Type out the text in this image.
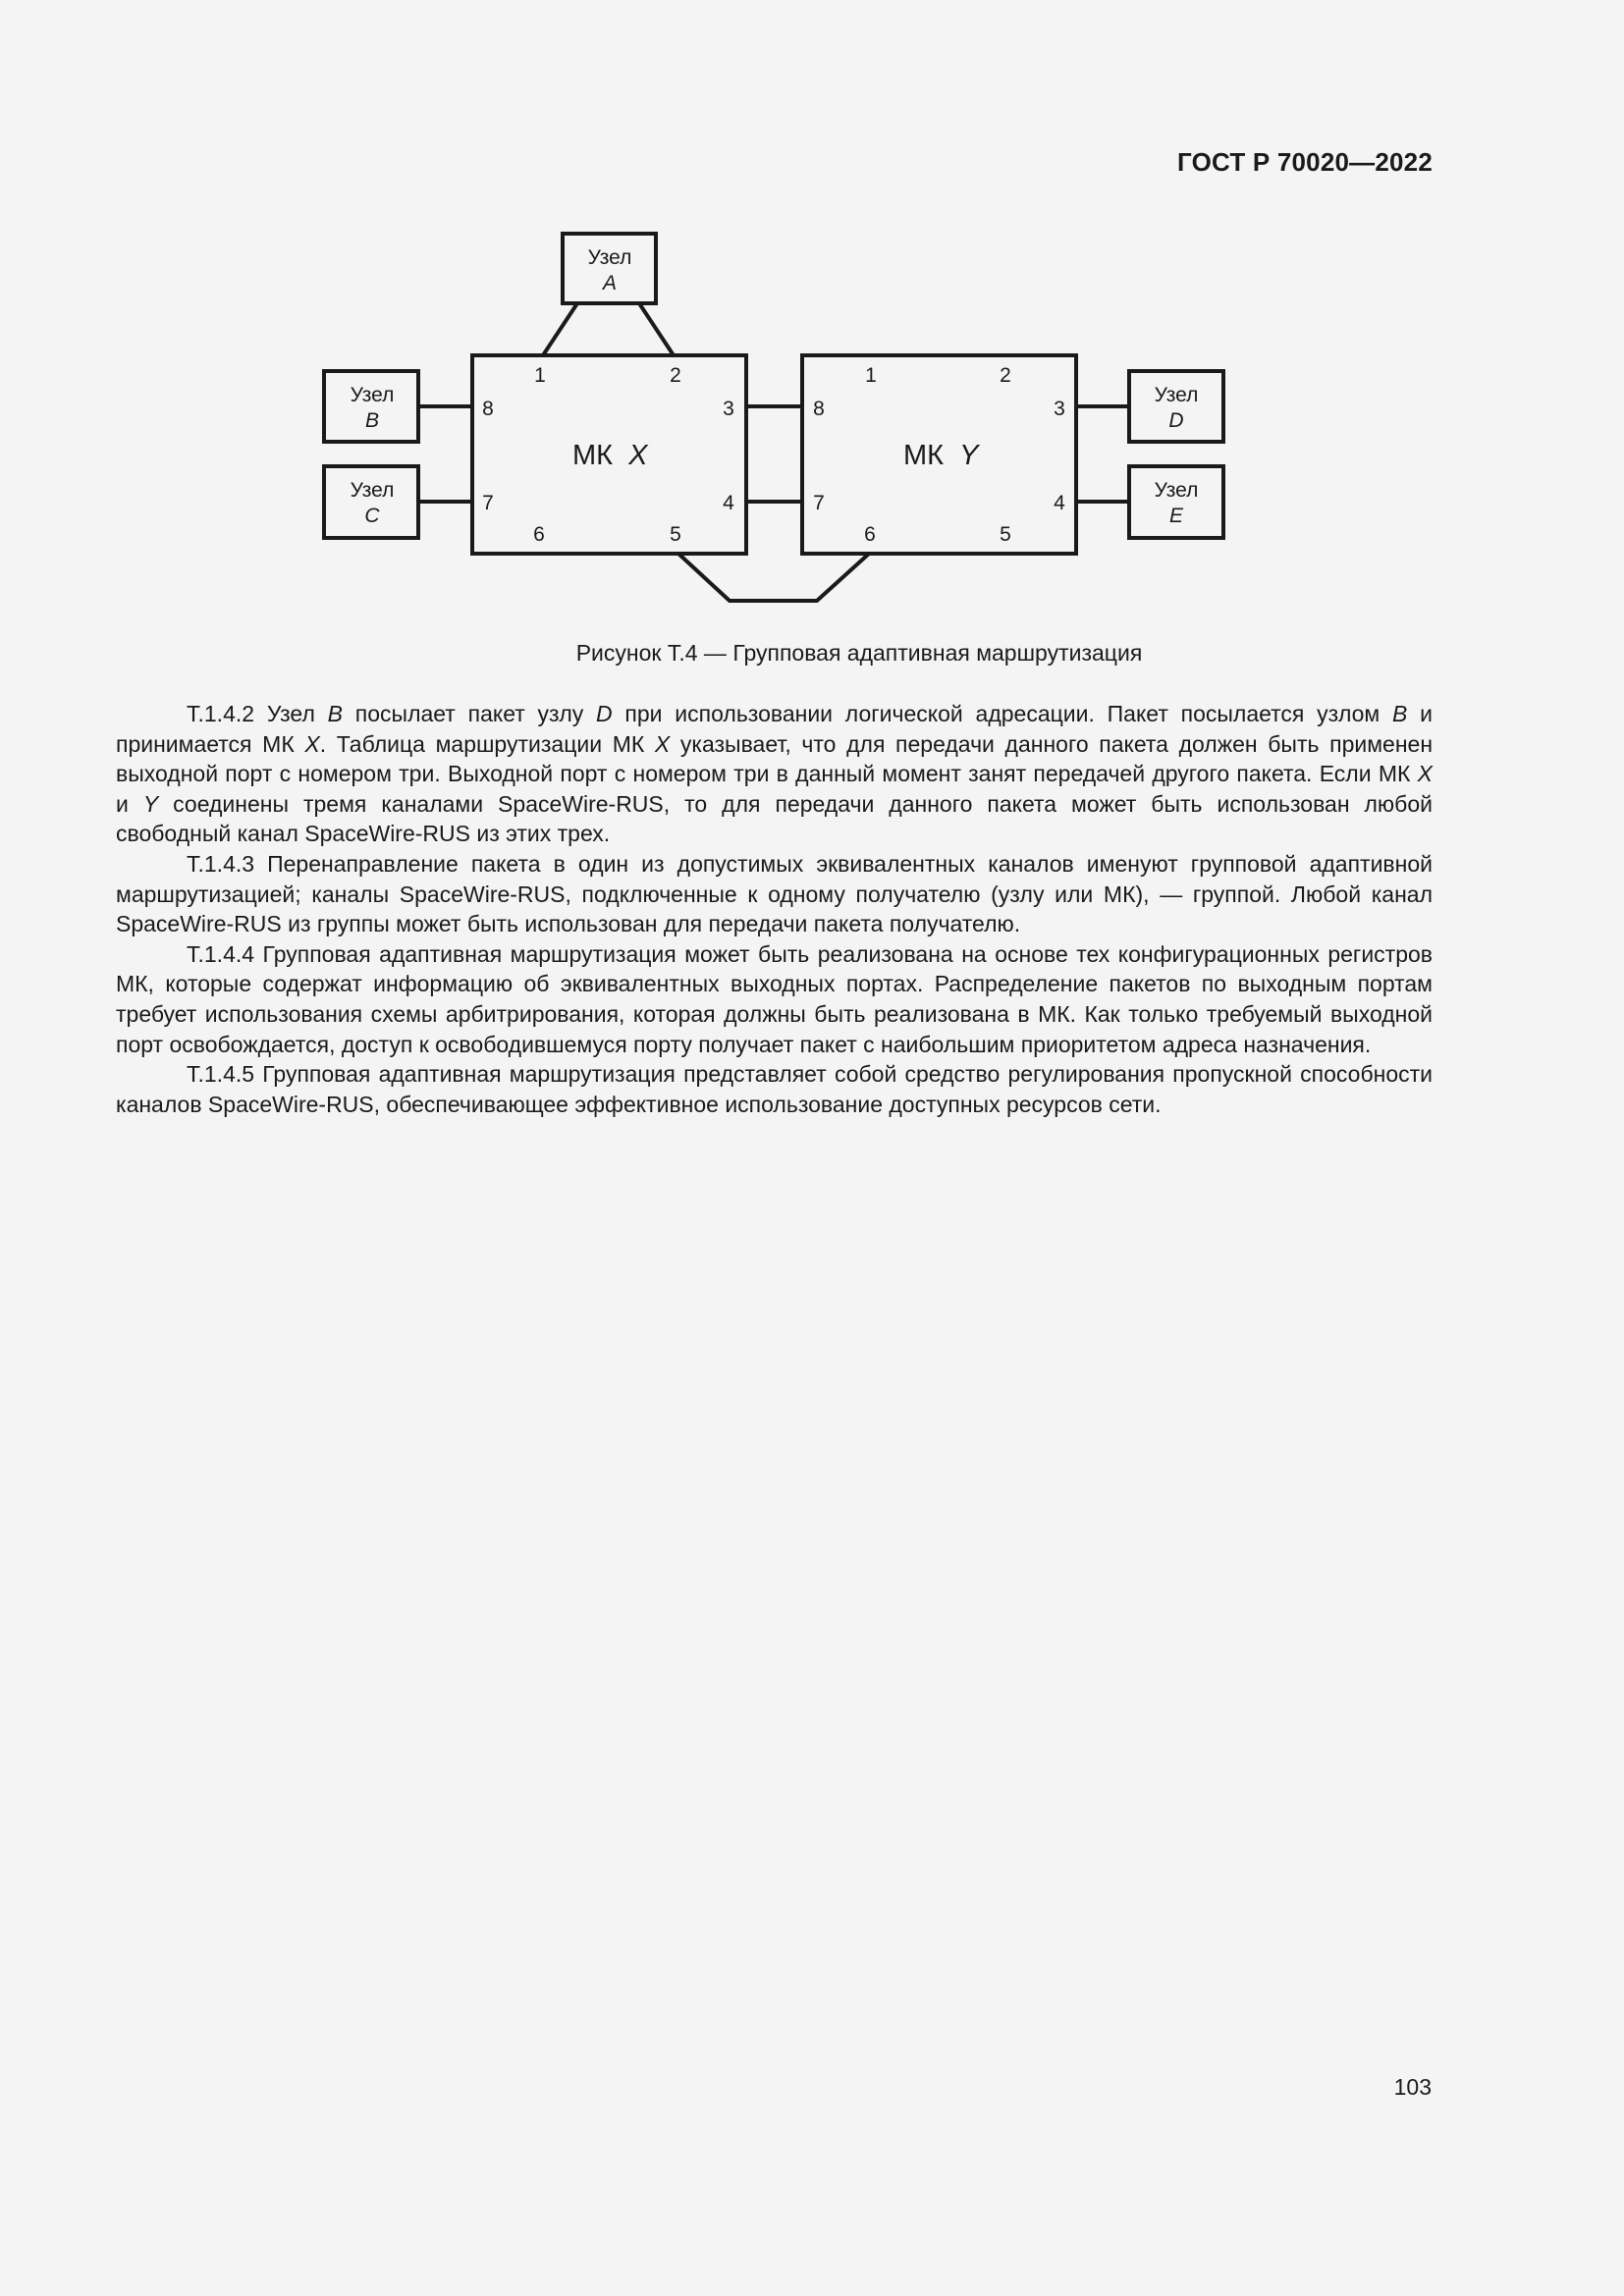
ГОСТ Р 70020—2022
Узел
A
Узел
B
Узел
C
Узел
D
Узел
E
МК X	МК Y
1	2
3
4
5
6
7
8
1	2
3
4
5
6
7
8
Рисунок Т.4 — Групповая адаптивная маршрутизация

Т.1.4.2 Узел B посылает пакет узлу D при использовании логической адресации. Пакет посылается узлом B и принимается МК X. Таблица маршрутизации МК X указывает, что для передачи данного пакета должен быть применен выходной порт с номером три. Выходной порт с номером три в данный момент занят передачей другого пакета. Если МК X и Y соединены тремя каналами SpaceWire-RUS, то для передачи данного пакета может быть использован любой свободный канал SpaceWire-RUS из этих трех.

Т.1.4.3 Перенаправление пакета в один из допустимых эквивалентных каналов именуют групповой адаптивной маршрутизацией; каналы SpaceWire-RUS, подключенные к одному получателю (узлу или МК), — группой. Любой канал SpaceWire-RUS из группы может быть использован для передачи пакета получателю.

Т.1.4.4 Групповая адаптивная маршрутизация может быть реализована на основе тех конфигурационных регистров МК, которые содержат информацию об эквивалентных выходных портах. Распределение пакетов по выходным портам требует использования схемы арбитрирования, которая должны быть реализована в МК. Как только требуемый выходной порт освобождается, доступ к освободившемуся порту получает пакет с наибольшим приоритетом адреса назначения.

Т.1.4.5 Групповая адаптивная маршрутизация представляет собой средство регулирования пропускной способности каналов SpaceWire-RUS, обеспечивающее эффективное использование доступных ресурсов сети.

103
